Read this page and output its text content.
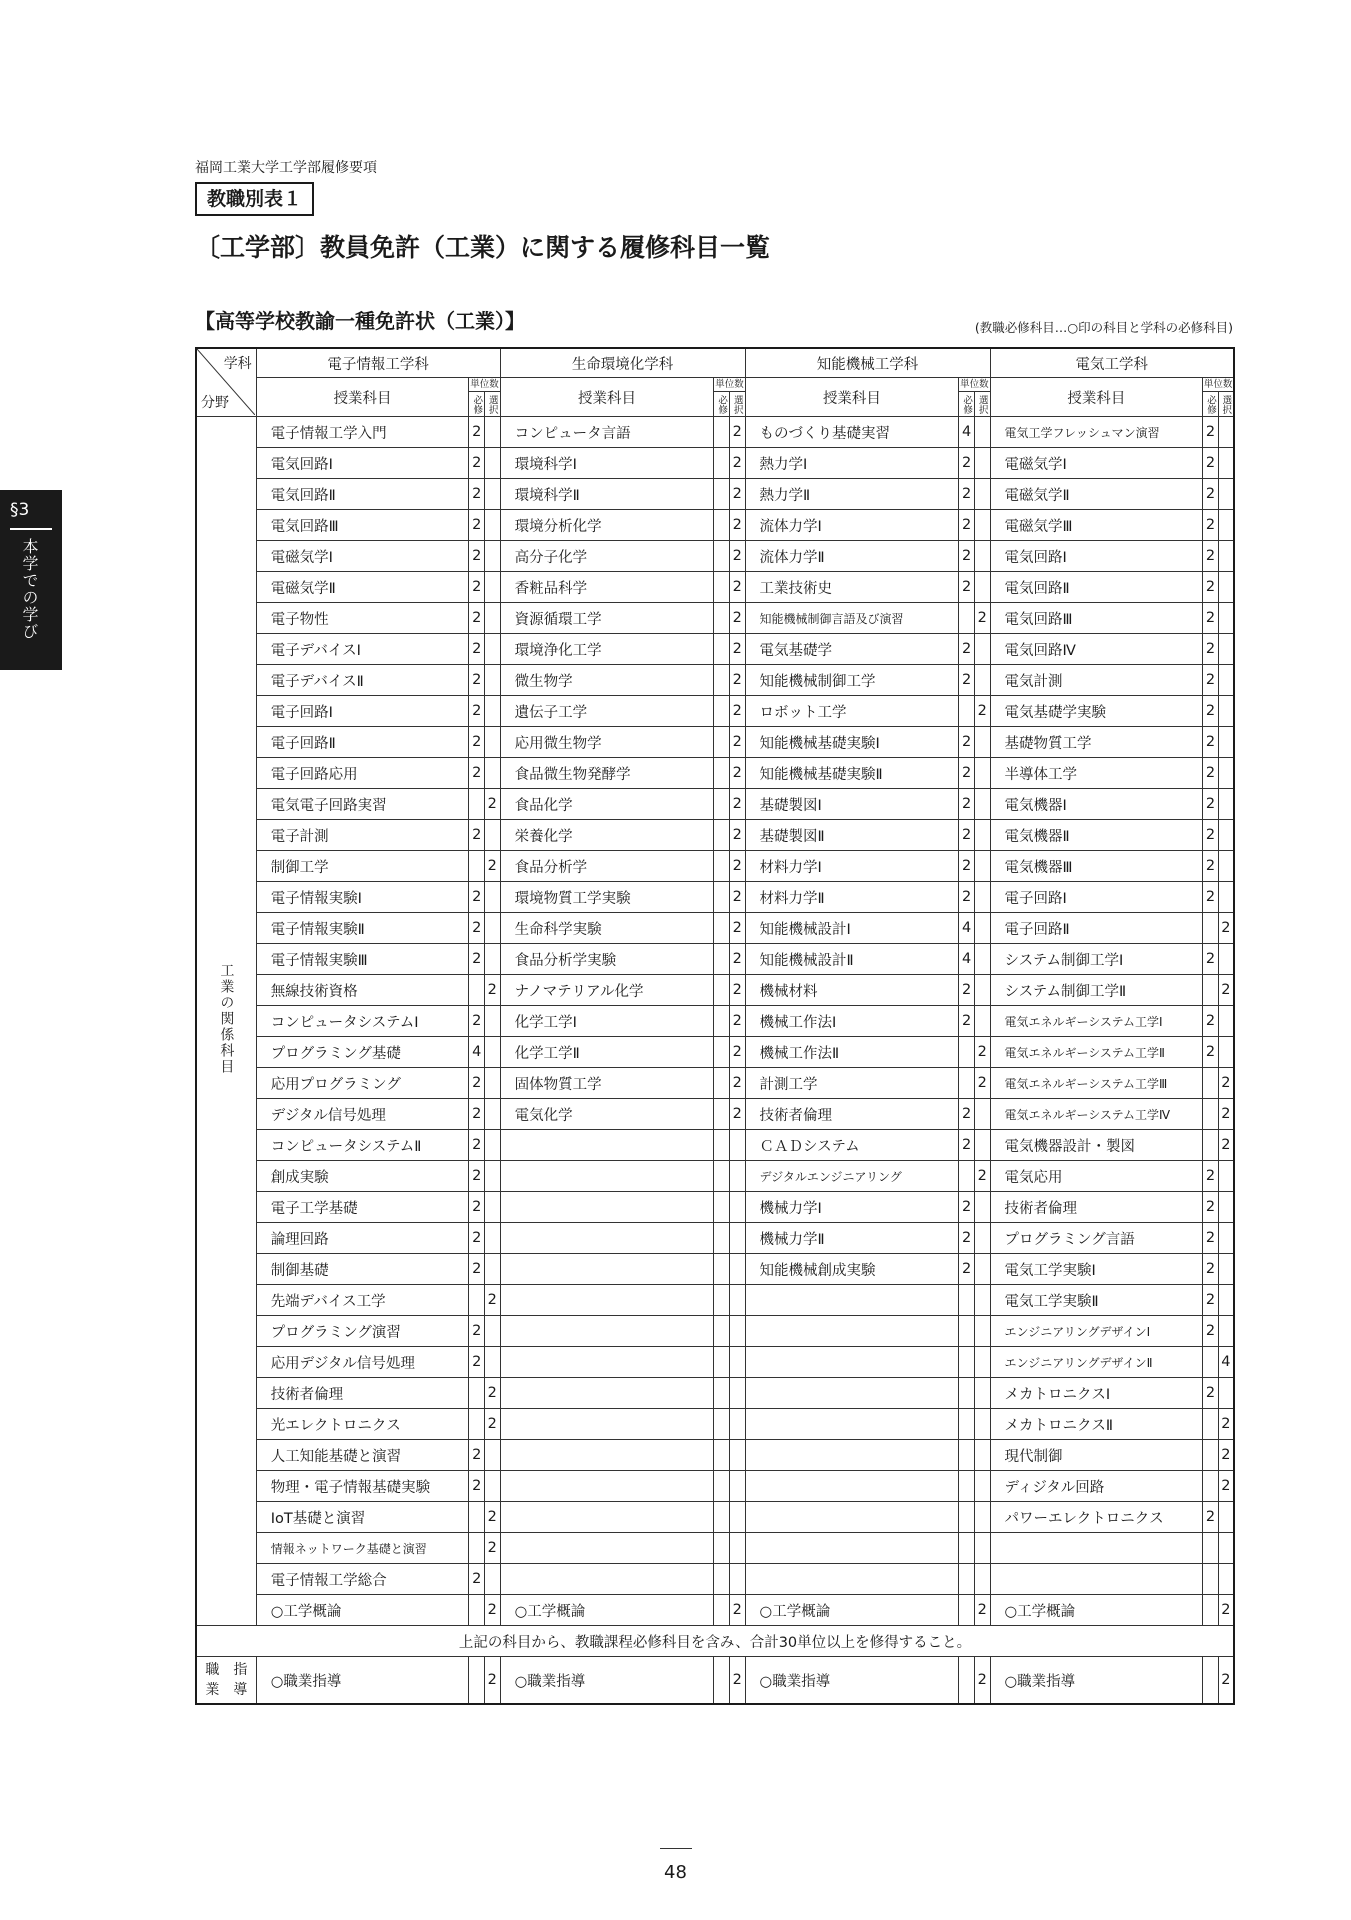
福岡工業大学工学部履修要項
教職別表１
〔工学部〕教員免許（工業）に関する履修科目一覧
【高等学校教諭一種免許状（工業）】	(教職必修科目…○印の科目と学科の必修科目)
§3
本学での学び
学科
分野	電子情報工学科			生命環境化学科			知能機械工学科			電気工学科		
	授業科目	単位数		授業科目	単位数		授業科目	単位数		授業科目	単位数	
		必修	選択		必修	選択		必修	選択		必修	選択
工業の関係科目	電子情報工学入門	2		コンピュータ言語		2	ものづくり基礎実習	4		電気工学フレッシュマン演習	2	
	電気回路Ⅰ	2		環境科学Ⅰ		2	熱力学Ⅰ	2		電磁気学Ⅰ	2	
	電気回路Ⅱ	2		環境科学Ⅱ		2	熱力学Ⅱ	2		電磁気学Ⅱ	2	
	電気回路Ⅲ	2		環境分析化学		2	流体力学Ⅰ	2		電磁気学Ⅲ	2	
	電磁気学Ⅰ	2		高分子化学		2	流体力学Ⅱ	2		電気回路Ⅰ	2	
	電磁気学Ⅱ	2		香粧品科学		2	工業技術史	2		電気回路Ⅱ	2	
	電子物性	2		資源循環工学		2	知能機械制御言語及び演習		2	電気回路Ⅲ	2	
	電子デバイスⅠ	2		環境浄化工学		2	電気基礎学	2		電気回路Ⅳ	2	
	電子デバイスⅡ	2		微生物学		2	知能機械制御工学	2		電気計測	2	
	電子回路Ⅰ	2		遺伝子工学		2	ロボット工学		2	電気基礎学実験	2	
	電子回路Ⅱ	2		応用微生物学		2	知能機械基礎実験Ⅰ	2		基礎物質工学	2	
	電子回路応用	2		食品微生物発酵学		2	知能機械基礎実験Ⅱ	2		半導体工学	2	
	電気電子回路実習		2	食品化学		2	基礎製図Ⅰ	2		電気機器Ⅰ	2	
	電子計測	2		栄養化学		2	基礎製図Ⅱ	2		電気機器Ⅱ	2	
	制御工学		2	食品分析学		2	材料力学Ⅰ	2		電気機器Ⅲ	2	
	電子情報実験Ⅰ	2		環境物質工学実験		2	材料力学Ⅱ	2		電子回路Ⅰ	2	
	電子情報実験Ⅱ	2		生命科学実験		2	知能機械設計Ⅰ	4		電子回路Ⅱ		2
	電子情報実験Ⅲ	2		食品分析学実験		2	知能機械設計Ⅱ	4		システム制御工学Ⅰ	2	
	無線技術資格		2	ナノマテリアル化学		2	機械材料	2		システム制御工学Ⅱ		2
	コンピュータシステムⅠ	2		化学工学Ⅰ		2	機械工作法Ⅰ	2		電気エネルギーシステム工学Ⅰ	2	
	プログラミング基礎	4		化学工学Ⅱ		2	機械工作法Ⅱ		2	電気エネルギーシステム工学Ⅱ	2	
	応用プログラミング	2		固体物質工学		2	計測工学		2	電気エネルギーシステム工学Ⅲ		2
	デジタル信号処理	2		電気化学		2	技術者倫理	2		電気エネルギーシステム工学Ⅳ		2
	コンピュータシステムⅡ	2					ＣＡＤシステム	2		電気機器設計・製図		2
	創成実験	2					デジタルエンジニアリング		2	電気応用	2	
	電子工学基礎	2					機械力学Ⅰ	2		技術者倫理	2	
	論理回路	2					機械力学Ⅱ	2		プログラミング言語	2	
	制御基礎	2					知能機械創成実験	2		電気工学実験Ⅰ	2	
	先端デバイス工学		2							電気工学実験Ⅱ	2	
	プログラミング演習	2								エンジニアリングデザインⅠ	2	
	応用デジタル信号処理	2								エンジニアリングデザインⅡ		4
	技術者倫理		2							メカトロニクスⅠ	2	
	光エレクトロニクス		2							メカトロニクスⅡ		2
	人工知能基礎と演習	2								現代制御		2
	物理・電子情報基礎実験	2								ディジタル回路		2
	IoT基礎と演習		2							パワーエレクトロニクス	2	
	情報ネットワーク基礎と演習		2									
	電子情報工学総合	2										
	○工学概論		2	○工学概論		2	○工学概論		2	○工学概論		2
上記の科目から、教職課程必修科目を含み、合計30単位以上を修得すること。												

職　指
業　導	○職業指導		2	○職業指導		2	○職業指導		2	○職業指導		2
48
